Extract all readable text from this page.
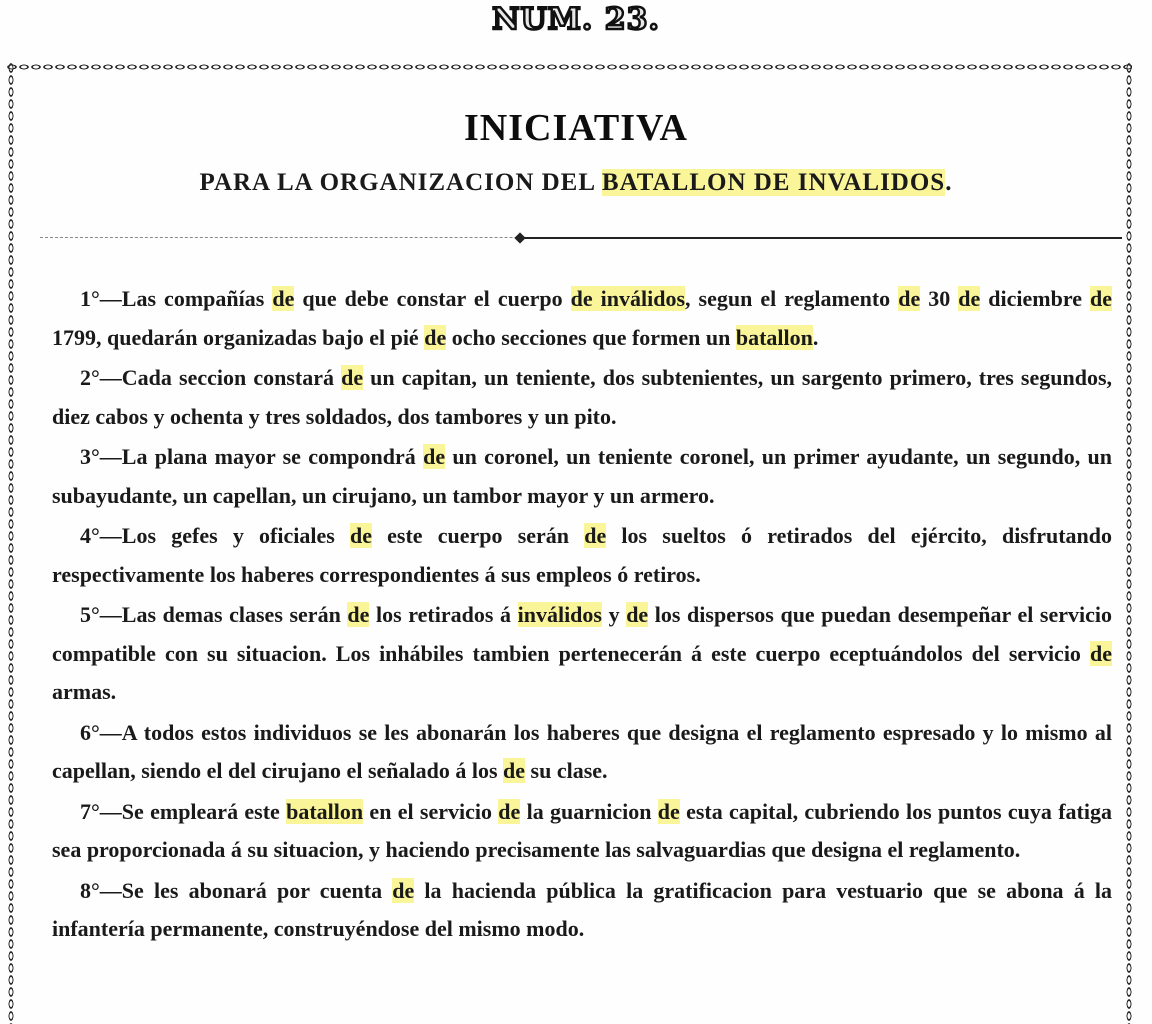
NUM. 23.
INICIATIVA
PARA LA ORGANIZACION DEL BATALLON DE INVALIDOS.

1°—Las compañías de que debe constar el cuerpo de inválidos, segun el reglamento de 30 de diciembre de 1799, quedarán organizadas bajo el pié de ocho secciones que formen un batallon.

2°—Cada seccion constará de un capitan, un teniente, dos subtenientes, un sargento primero, tres segundos, diez cabos y ochenta y tres soldados, dos tambores y un pito.

3°—La plana mayor se compondrá de un coronel, un teniente coronel, un primer ayudante, un segundo, un subayudante, un capellan, un cirujano, un tambor mayor y un armero.

4°—Los gefes y oficiales de este cuerpo serán de los sueltos ó retirados del ejército, disfrutando respectivamente los haberes correspondientes á sus empleos ó retiros.

5°—Las demas clases serán de los retirados á inválidos y de los dispersos que puedan desempeñar el servicio compatible con su situacion. Los inhábiles tambien pertenecerán á este cuerpo eceptuándolos del servicio de armas.

6°—A todos estos individuos se les abonarán los haberes que designa el reglamento espresado y lo mismo al capellan, siendo el del cirujano el señalado á los de su clase.

7°—Se empleará este batallon en el servicio de la guarnicion de esta capital, cubriendo los puntos cuya fatiga sea proporcionada á su situacion, y haciendo precisamente las salvaguardias que designa el reglamento.

8°—Se les abonará por cuenta de la hacienda pública la gratificacion para vestuario que se abona á la infantería permanente, construyéndose del mismo modo.
